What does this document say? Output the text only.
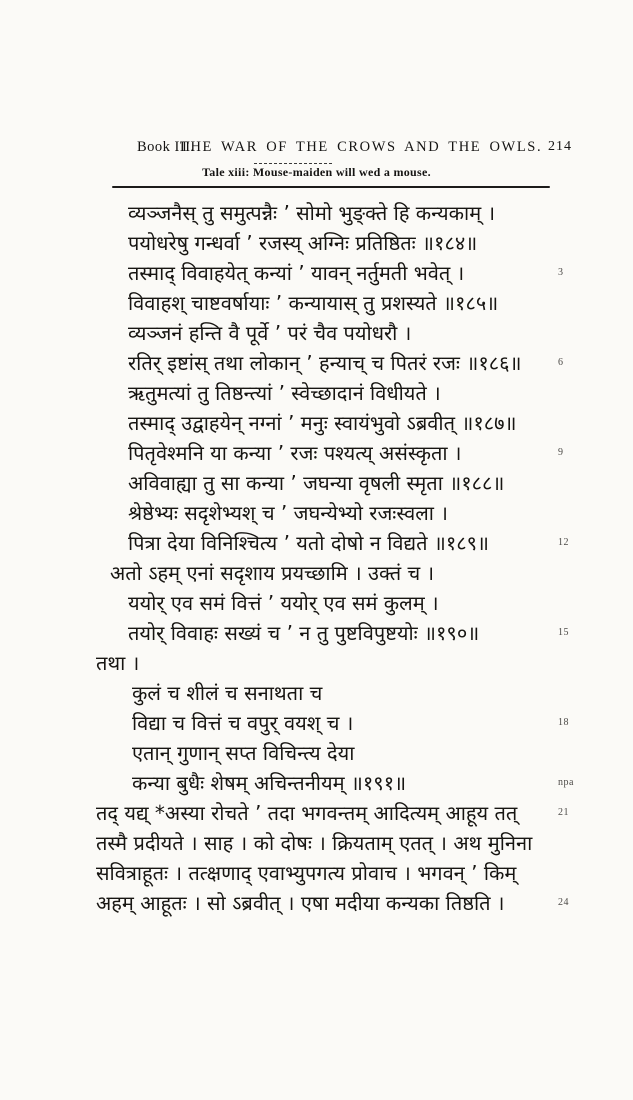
Book III.
THE WAR OF THE CROWS AND THE OWLS. 214
Tale xiii: Mouse-maiden will wed a mouse.
व्यञ्जनैस् तु समुत्पन्नैः ’ सोमो भुङ्क्ते हि कन्यकाम् ।
पयोधरेषु गन्धर्वा ’ रजस्य् अग्निः प्रतिष्ठितः ॥१८४॥
तस्माद् विवाहयेत् कन्यां ’ यावन् नर्तुमती भवेत् ।	3
विवाहश् चाष्टवर्षायाः ’ कन्यायास् तु प्रशस्यते ॥१८५॥
व्यञ्जनं हन्ति वै पूर्वे ’ परं चैव पयोधरौ ।
रतिर् इष्टांस् तथा लोकान् ’ हन्याच् च पितरं रजः ॥१८६॥	6
ऋतुमत्यां तु तिष्ठन्त्यां ’ स्वेच्छादानं विधीयते ।
तस्माद् उद्वाहयेन् नग्नां ’ मनुः स्वायंभुवो ऽब्रवीत् ॥१८७॥
पितृवेश्मनि या कन्या ’ रजः पश्यत्य् असंस्कृता ।	9
अविवाह्या तु सा कन्या ’ जघन्या वृषली स्मृता ॥१८८॥
श्रेष्ठेभ्यः सदृशेभ्यश् च ’ जघन्येभ्यो रजःस्वला ।
पित्रा देया विनिश्चित्य ’ यतो दोषो न विद्यते ॥१८९॥	12
अतो ऽहम् एनां सदृशाय प्रयच्छामि । उक्तं च ।
ययोर् एव समं वित्तं ’ ययोर् एव समं कुलम् ।
तयोर् विवाहः सख्यं च ’ न तु पुष्टविपुष्टयोः ॥१९०॥	15
तथा ।
कुलं च शीलं च सनाथता च
विद्या च वित्तं च वपुर् वयश् च ।	18
एतान् गुणान् सप्त विचिन्त्य देया
कन्या बुधैः शेषम् अचिन्तनीयम् ॥१९१॥	npa
तद् यद्य् *अस्या रोचते ’ तदा भगवन्तम् आदित्यम् आहूय तत्	21
तस्मै प्रदीयते । साह । को दोषः । क्रियताम् एतत् । अथ मुनिना
सवित्राहूतः । तत्क्षणाद् एवाभ्युपगत्य प्रोवाच । भगवन् ’ किम्
अहम् आहूतः । सो ऽब्रवीत् । एषा मदीया कन्यका तिष्ठति ।	24
